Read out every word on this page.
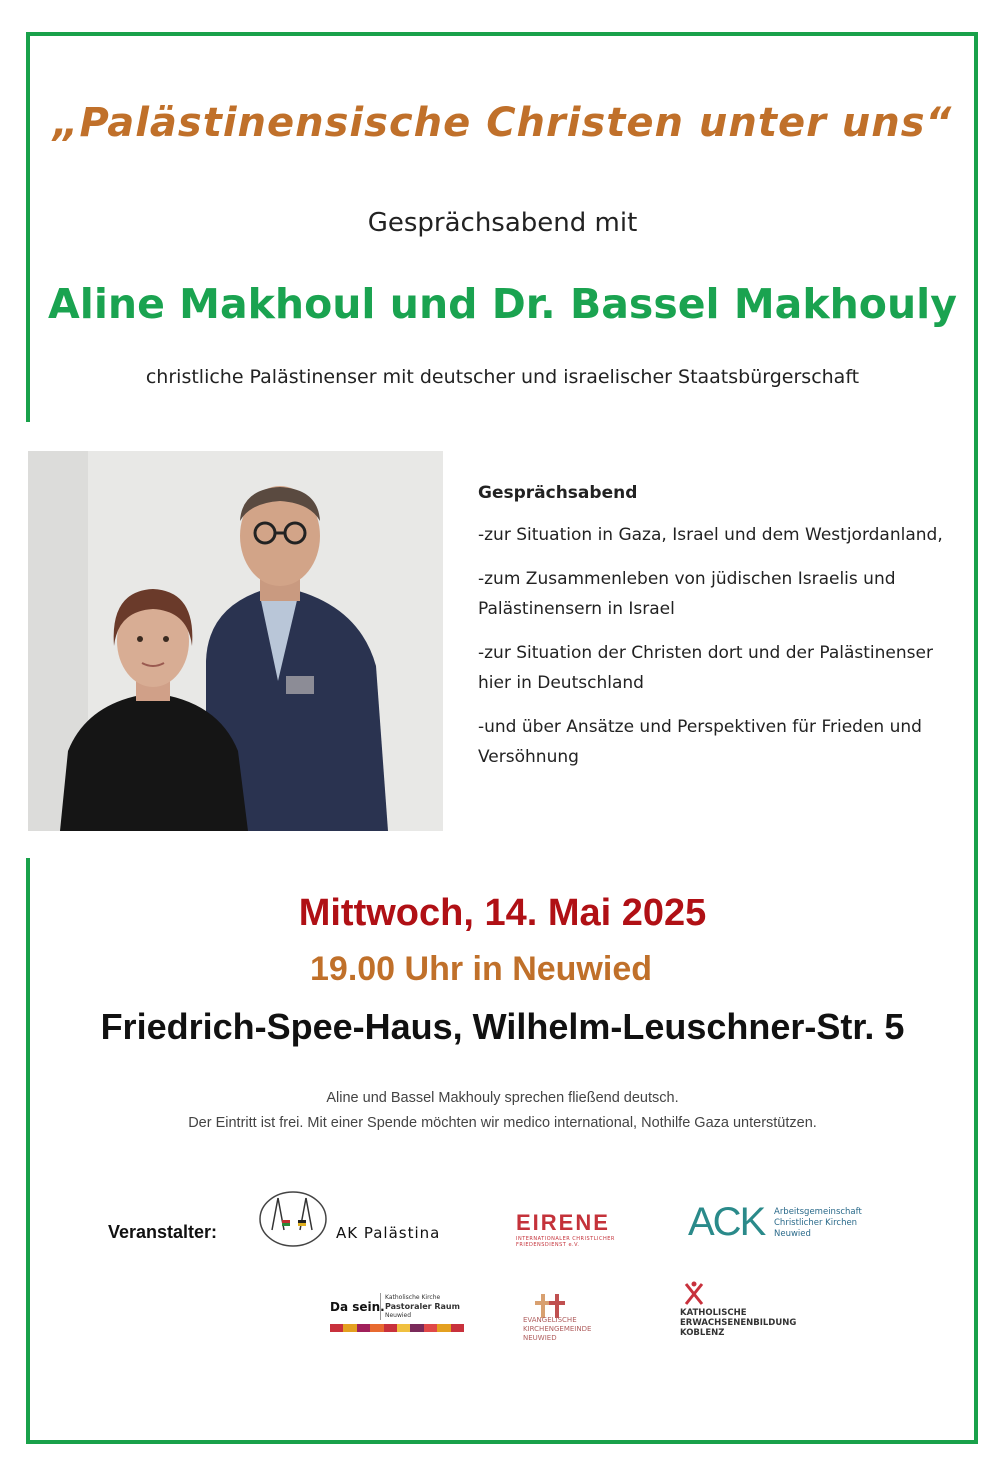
„Palästinensische Christen unter uns“
Gesprächsabend mit
Aline Makhoul und Dr. Bassel Makhouly
christliche Palästinenser mit deutscher und israelischer Staatsbürgerschaft
Gesprächsabend
-zur Situation in Gaza, Israel und dem Westjordanland,
-zum Zusammenleben von jüdischen Israelis und Palästinensern in Israel
-zur Situation der Christen dort und der Palästinenser hier in Deutschland
-und über Ansätze und Perspektiven für Frieden und Versöhnung
Mittwoch, 14. Mai 2025
19.00 Uhr in Neuwied
Friedrich-Spee-Haus, Wilhelm-Leuschner-Str. 5
Aline und Bassel Makhouly sprechen fließend deutsch.
Der Eintritt ist frei. Mit einer Spende möchten wir medico international, Nothilfe Gaza unterstützen.
Veranstalter:	AK Palästina	EIRENE
INTERNATIONALER CHRISTLICHER FRIEDENSDIENST e.V.
ACK Arbeitsgemeinschaft
Christlicher Kirchen
Neuwied
Da sein.
Katholische Kirche
Pastoraler Raum
Neuwied
EVANGELISCHE
KIRCHENGEMEINDE
NEUWIED
KATHOLISCHE
ERWACHSENENBILDUNG
KOBLENZ
